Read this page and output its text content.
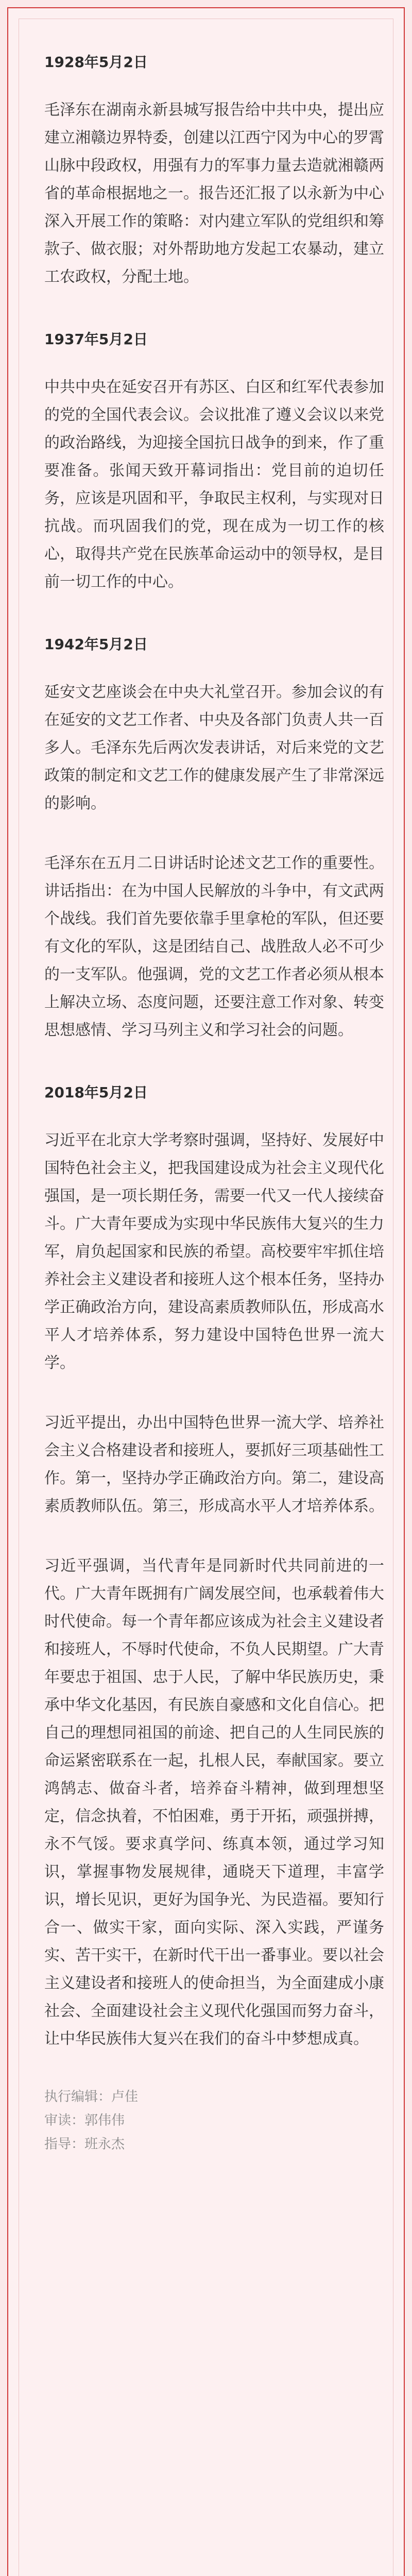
1928年5月2日

毛泽东在湖南永新县城写报告给中共中央，提出应建立湘赣边界特委，创建以江西宁冈为中心的罗霄山脉中段政权，用强有力的军事力量去造就湘赣两省的革命根据地之一。报告还汇报了以永新为中心深入开展工作的策略：对内建立军队的党组织和筹款子、做衣服；对外帮助地方发起工农暴动，建立工农政权，分配土地。

1937年5月2日

中共中央在延安召开有苏区、白区和红军代表参加的党的全国代表会议。会议批准了遵义会议以来党的政治路线，为迎接全国抗日战争的到来，作了重要准备。张闻天致开幕词指出：党目前的迫切任务，应该是巩固和平，争取民主权利，与实现对日抗战。而巩固我们的党，现在成为一切工作的核心，取得共产党在民族革命运动中的领导权，是目前一切工作的中心。

1942年5月2日

延安文艺座谈会在中央大礼堂召开。参加会议的有在延安的文艺工作者、中央及各部门负责人共一百多人。毛泽东先后两次发表讲话，对后来党的文艺政策的制定和文艺工作的健康发展产生了非常深远的影响。

毛泽东在五月二日讲话时论述文艺工作的重要性。讲话指出：在为中国人民解放的斗争中，有文武两个战线。我们首先要依靠手里拿枪的军队，但还要有文化的军队，这是团结自己、战胜敌人必不可少的一支军队。他强调，党的文艺工作者必须从根本上解决立场、态度问题，还要注意工作对象、转变思想感情、学习马列主义和学习社会的问题。

2018年5月2日

习近平在北京大学考察时强调，坚持好、发展好中国特色社会主义，把我国建设成为社会主义现代化强国，是一项长期任务，需要一代又一代人接续奋斗。广大青年要成为实现中华民族伟大复兴的生力军，肩负起国家和民族的希望。高校要牢牢抓住培养社会主义建设者和接班人这个根本任务，坚持办学正确政治方向，建设高素质教师队伍，形成高水平人才培养体系，努力建设中国特色世界一流大学。

习近平提出，办出中国特色世界一流大学、培养社会主义合格建设者和接班人，要抓好三项基础性工作。第一，坚持办学正确政治方向。第二，建设高素质教师队伍。第三，形成高水平人才培养体系。

习近平强调，当代青年是同新时代共同前进的一代。广大青年既拥有广阔发展空间，也承载着伟大时代使命。每一个青年都应该成为社会主义建设者和接班人，不辱时代使命，不负人民期望。广大青年要忠于祖国、忠于人民，了解中华民族历史，秉承中华文化基因，有民族自豪感和文化自信心。把自己的理想同祖国的前途、把自己的人生同民族的命运紧密联系在一起，扎根人民，奉献国家。要立鸿鹄志、做奋斗者，培养奋斗精神，做到理想坚定，信念执着，不怕困难，勇于开拓，顽强拼搏，永不气馁。要求真学问、练真本领，通过学习知识，掌握事物发展规律，通晓天下道理，丰富学识，增长见识，更好为国争光、为民造福。要知行合一、做实干家，面向实际、深入实践，严谨务实、苦干实干，在新时代干出一番事业。要以社会主义建设者和接班人的使命担当，为全面建成小康社会、全面建设社会主义现代化强国而努力奋斗，让中华民族伟大复兴在我们的奋斗中梦想成真。

执行编辑：卢佳
审读：郭伟伟
指导：班永杰
